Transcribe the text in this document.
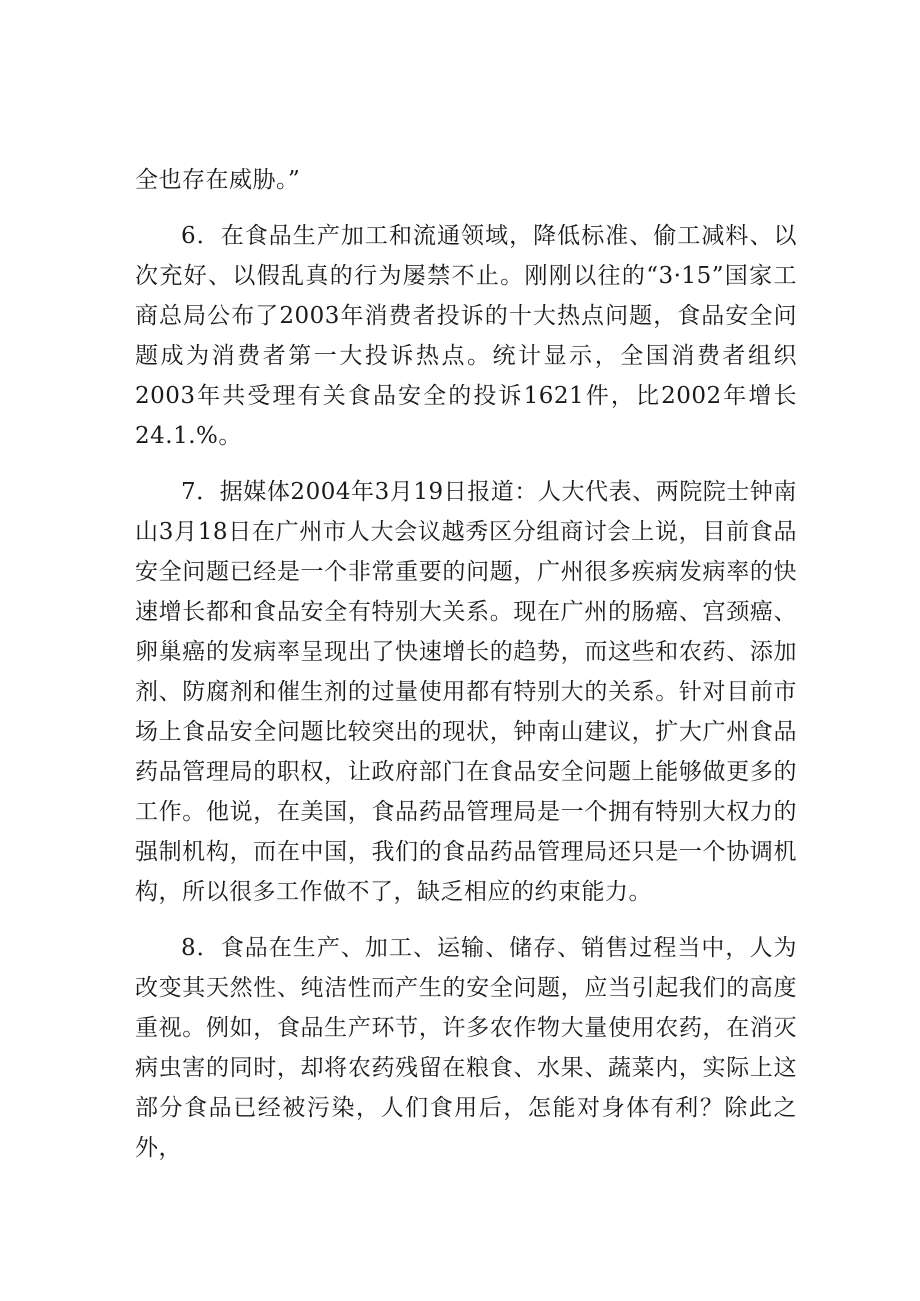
全也存在威胁。”

6．在食品生产加工和流通领域，降低标准、偷工减料、以次充好、以假乱真的行为屡禁不止。刚刚以往的“3·15”国家工商总局公布了2003年消费者投诉的十大热点问题，食品安全问题成为消费者第一大投诉热点。统计显示，全国消费者组织2003年共受理有关食品安全的投诉1621件，比2002年增长24.1.%。

7．据媒体2004年3月19日报道：人大代表、两院院士钟南山3月18日在广州市人大会议越秀区分组商讨会上说，目前食品安全问题已经是一个非常重要的问题，广州很多疾病发病率的快速增长都和食品安全有特别大关系。现在广州的肠癌、宫颈癌、卵巢癌的发病率呈现出了快速增长的趋势，而这些和农药、添加剂、防腐剂和催生剂的过量使用都有特别大的关系。针对目前市场上食品安全问题比较突出的现状，钟南山建议，扩大广州食品药品管理局的职权，让政府部门在食品安全问题上能够做更多的工作。他说，在美国，食品药品管理局是一个拥有特别大权力的强制机构，而在中国，我们的食品药品管理局还只是一个协调机构，所以很多工作做不了，缺乏相应的约束能力。

8．食品在生产、加工、运输、储存、销售过程当中，人为改变其天然性、纯洁性而产生的安全问题，应当引起我们的高度重视。例如，食品生产环节，许多农作物大量使用农药，在消灭病虫害的同时，却将农药残留在粮食、水果、蔬菜内，实际上这部分食品已经被污染，人们食用后，怎能对身体有利？除此之外，
